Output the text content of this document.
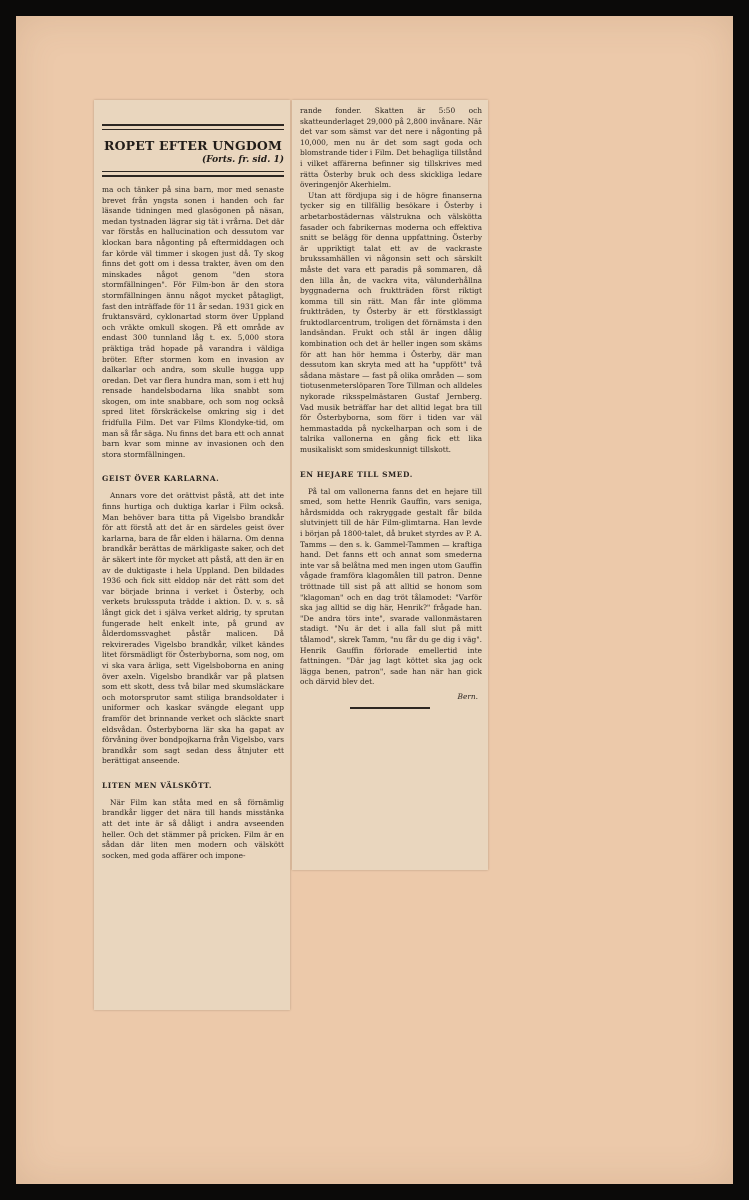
ROPET EFTER UNGDOM
(Forts. fr. sid. 1)

ma och tänker på sina barn, mor med senaste brevet från yngsta sonen i handen och far läsande tidningen med glasögonen på näsan, medan tystnaden lägrar sig tät i vrårna. Det där var förstås en hallucination och dessutom var klockan bara någonting på eftermiddagen och far körde väl timmer i skogen just då. Ty skog finns det gott om i dessa trakter, även om den minskades något genom "den stora stormfällningen". För Film-bon är den stora stormfällningen ännu något mycket påtagligt, fast den inträffade för 11 år sedan. 1931 gick en fruktansvärd, cyklonartad storm över Uppland och vräkte omkull skogen. På ett område av endast 300 tunnland låg t. ex. 5,000 stora präktiga träd hopade på varandra i väldiga bröter. Efter stormen kom en invasion av dalkarlar och andra, som skulle hugga upp oredan. Det var flera hundra man, som i ett huj rensade handelsbodarna lika snabbt som skogen, om inte snabbare, och som nog också spred litet förskräckelse omkring sig i det fridfulla Film. Det var Films Klondyke-tid, om man så får säga. Nu finns det bara ett och annat barn kvar som minne av invasionen och den stora stormfällningen.

GEIST ÖVER KARLARNA.

Annars vore det orättvist påstå, att det inte finns hurtiga och duktiga karlar i Film också. Man behöver bara titta på Vigelsbo brandkår för att förstå att det är en särdeles geist över karlarna, bara de får elden i hälarna. Om denna brandkår berättas de märkligaste saker, och det är säkert inte för mycket att påstå, att den är en av de duktigaste i hela Uppland. Den bildades 1936 och fick sitt elddop när det rätt som det var började brinna i verket i Österby, och verkets brukssputa trädde i aktion. D. v. s. så långt gick det i själva verket aldrig, ty sprutan fungerade helt enkelt inte, på grund av ålderdomssvaghet påstår malicen. Då rekvirerades Vigelsbo brandkår, vilket kändes litet försmädligt för Österbyborna, som nog, om vi ska vara ärliga, sett Vigelsboborna en aning över axeln. Vigelsbo brandkår var på platsen som ett skott, dess två bilar med skumsläckare och motorsprutor samt stiliga brandsoldater i uniformer och kaskar svängde elegant upp framför det brinnande verket och släckte snart eldsvådan. Österbyborna lär ska ha gapat av förvåning över bondpojkarna från Vigelsbo, vars brandkår som sagt sedan dess åtnjuter ett berättigat anseende.

LITEN MEN VÄLSKÖTT.

När Film kan ståta med en så förnämlig brandkår ligger det nära till hands misstänka att det inte är så dåligt i andra avseenden heller. Och det stämmer på pricken. Film är en sådan där liten men modern och välskött socken, med goda affärer och impone-

rande fonder. Skatten är 5:50 och skatteunderlaget 29,000 på 2,800 invånare. När det var som sämst var det nere i någonting på 10,000, men nu är det som sagt goda och blomstrande tider i Film. Det behagliga tillstånd i vilket affärerna befinner sig tillskrives med rätta Österby bruk och dess skickliga ledare överingenjör Akerhielm.

Utan att fördjupa sig i de högre finanserna tycker sig en tillfällig besökare i Österby i arbetarbostädernas välstrukna och välskötta fasader och fabrikernas moderna och effektiva snitt se belägg för denna uppfattning. Österby är uppriktigt talat ett av de vackraste brukssamhällen vi någonsin sett och särskilt måste det vara ett paradis på sommaren, då den lilla ån, de vackra vita, välunderhållna byggnaderna och fruktträden först riktigt komma till sin rätt. Man får inte glömma fruktträden, ty Österby är ett förstklassigt fruktodlarcentrum, troligen det förnämsta i den landsändan. Frukt och stål är ingen dålig kombination och det är heller ingen som skäms för att han hör hemma i Österby, där man dessutom kan skryta med att ha "uppfött" två sådana mästare — fast på olika områden — som tiotusenmeterslöparen Tore Tillman och alldeles nykorade riksspelmästaren Gustaf Jernberg. Vad musik beträffar har det alltid legat bra till för Österbyborna, som förr i tiden var väl hemmastadda på nyckelharpan och som i de talrika vallonerna en gång fick ett lika musikaliskt som smideskunnigt tillskott.

EN HEJARE TILL SMED.

På tal om vallonerna fanns det en hejare till smed, som hette Henrik Gauffin, vars seniga, hårdsmidda och rakryggade gestalt får bilda slutvinjett till de här Film-glimtarna. Han levde i början på 1800-talet, då bruket styrdes av P. A. Tamms — den s. k. Gammel-Tammen — kraftiga hand. Det fanns ett och annat som smederna inte var så belåtna med men ingen utom Gauffin vågade framföra klagomålen till patron. Denne tröttnade till sist på att alltid se honom som "klagoman" och en dag tröt tålamodet: "Varför ska jag alltid se dig här, Henrik?" frågade han. "De andra törs inte", svarade vallonmästaren stadigt. "Nu är det i alla fall slut på mitt tålamod", skrek Tamm, "nu får du ge dig i väg". Henrik Gauffin förlorade emellertid inte fattningen. "Där jag lagt köttet ska jag ock lägga benen, patron", sade han när han gick och därvid blev det.

Bern.
